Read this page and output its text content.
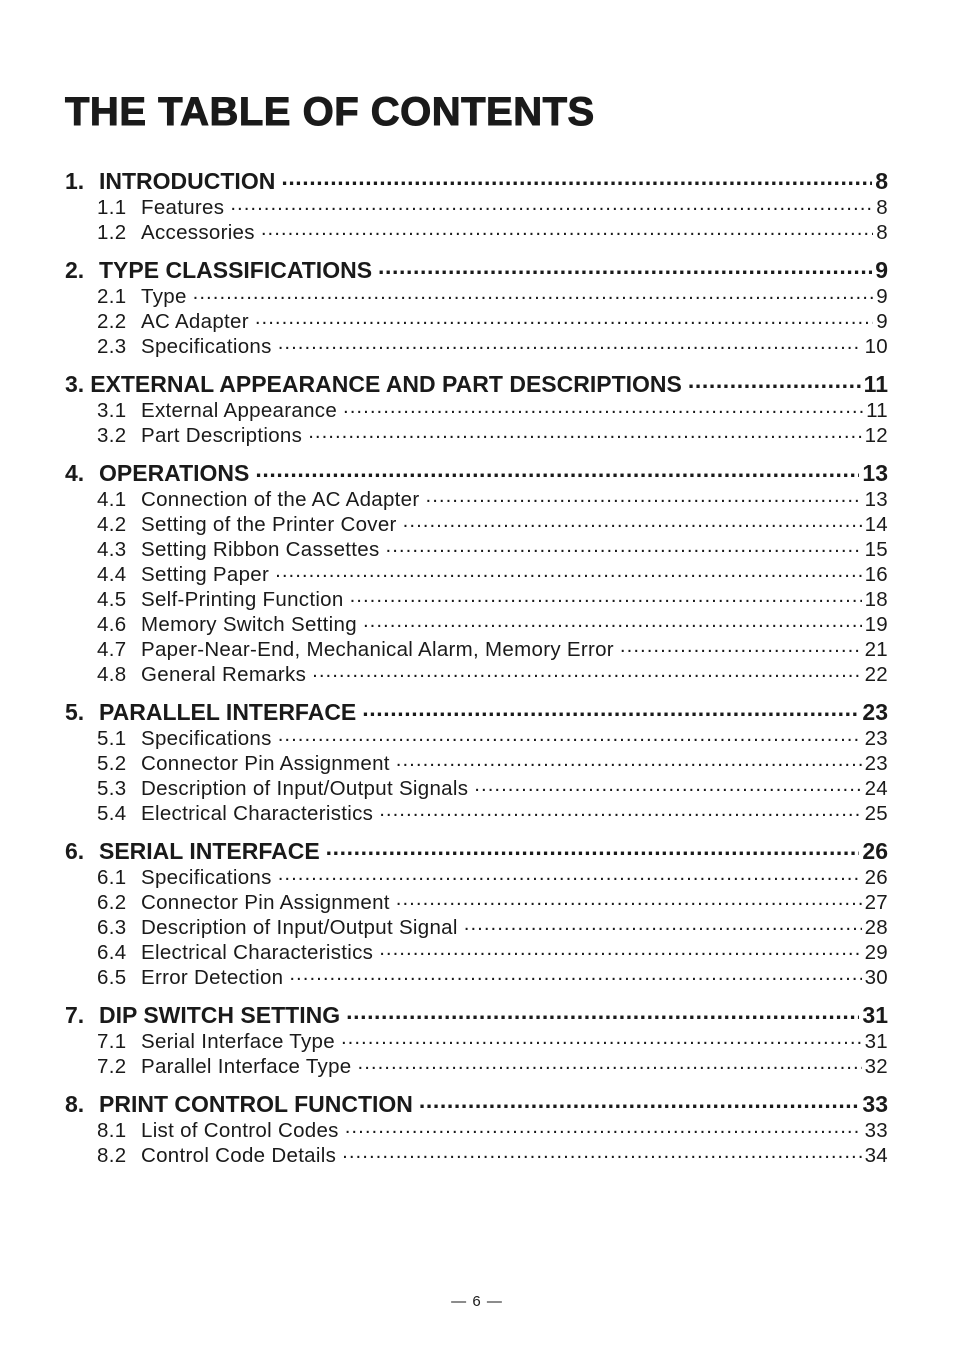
THE TABLE OF CONTENTS
1. INTRODUCTION .....	8
1.1 Features .....	8
1.2 Accessories .....	8
2. TYPE CLASSIFICATIONS .....	9
2.1 Type .....	9
2.2 AC Adapter .....	9
2.3 Specifications .....	10
3. EXTERNAL APPEARANCE AND PART DESCRIPTIONS .....	11
3.1 External Appearance .....	11
3.2 Part Descriptions .....	12
4. OPERATIONS .....	13
4.1 Connection of the AC Adapter .....	13
4.2 Setting of the Printer Cover .....	14
4.3 Setting Ribbon Cassettes .....	15
4.4 Setting Paper .....	16
4.5 Self-Printing Function .....	18
4.6 Memory Switch Setting .....	19
4.7 Paper-Near-End, Mechanical Alarm, Memory Error .....	21
4.8 General Remarks .....	22
5. PARALLEL INTERFACE .....	23
5.1 Specifications .....	23
5.2 Connector Pin Assignment .....	23
5.3 Description of Input/Output Signals .....	24
5.4 Electrical Characteristics .....	25
6. SERIAL INTERFACE .....	26
6.1 Specifications .....	26
6.2 Connector Pin Assignment .....	27
6.3 Description of Input/Output Signal .....	28
6.4 Electrical Characteristics .....	29
6.5 Error Detection .....	30
7. DIP SWITCH SETTING .....	31
7.1 Serial Interface Type .....	31
7.2 Parallel Interface Type .....	32
8. PRINT CONTROL FUNCTION .....	33
8.1 List of Control Codes .....	33
8.2 Control Code Details .....	34
— 6 —
